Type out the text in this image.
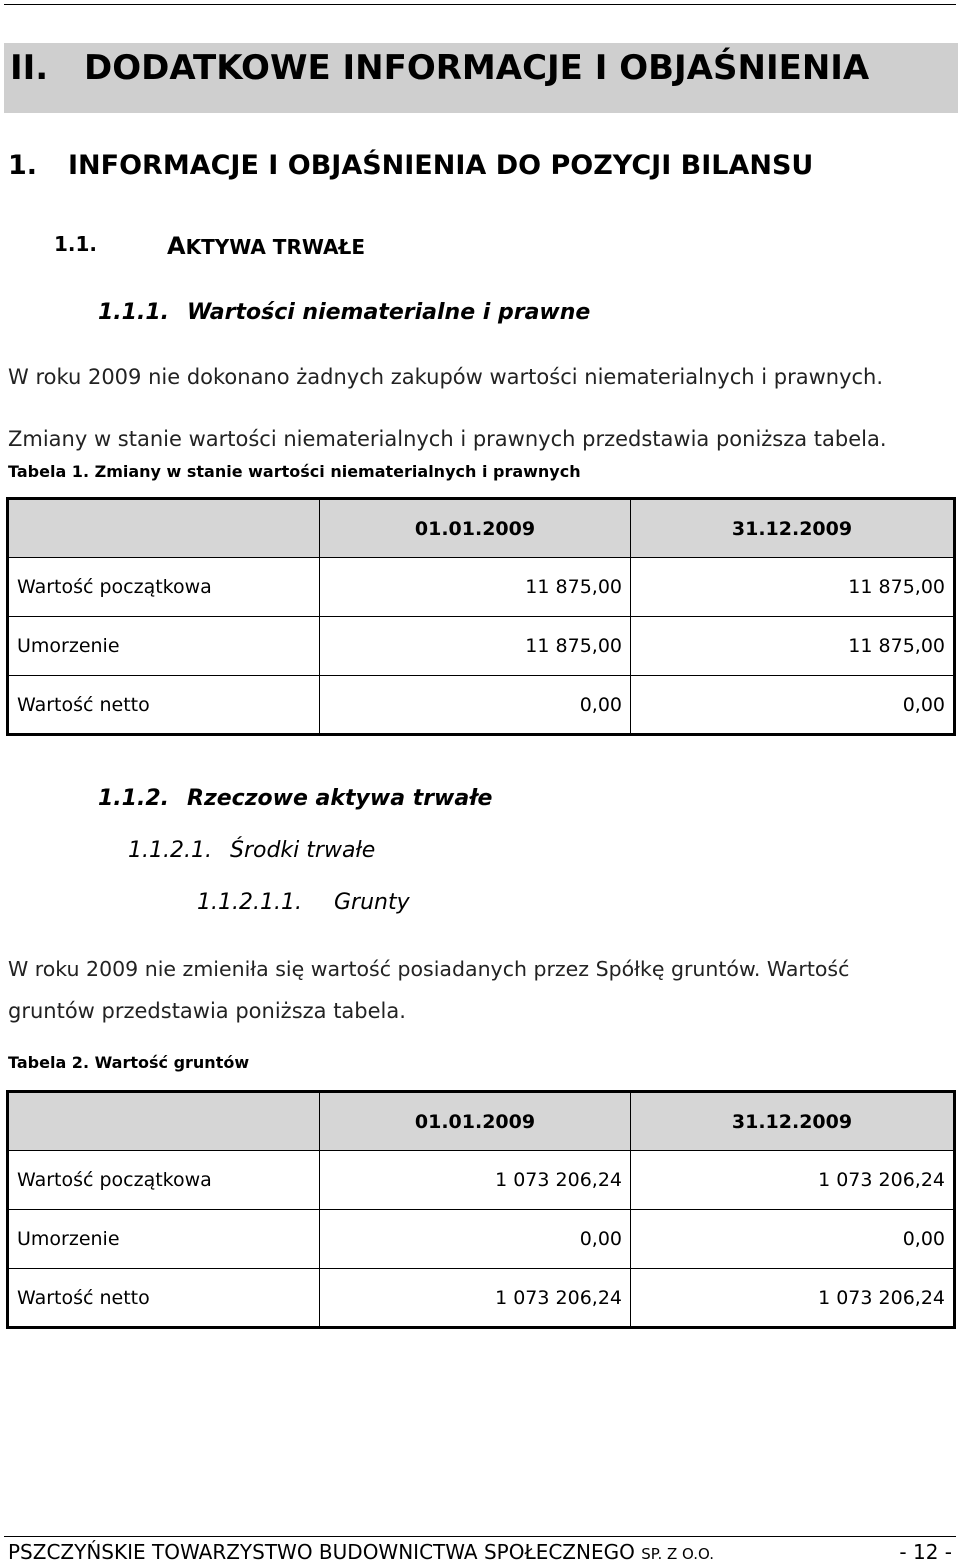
II. DODATKOWE INFORMACJE I OBJAŚNIENIA
1. INFORMACJE I OBJAŚNIENIA DO POZYCJI BILANSU
1.1.	AKTYWA TRWAŁE
1.1.1. Wartości niematerialne i prawne
W roku 2009 nie dokonano żadnych zakupów wartości niematerialnych i prawnych.
Zmiany w stanie wartości niematerialnych i prawnych przedstawia poniższa tabela.
Tabela 1. Zmiany w stanie wartości niematerialnych i prawnych
	01.01.2009	31.12.2009
Wartość początkowa	11 875,00	11 875,00
Umorzenie	11 875,00	11 875,00
Wartość netto	0,00	0,00
1.1.2. Rzeczowe aktywa trwałe
1.1.2.1. Środki trwałe
1.1.2.1.1. Grunty
W roku 2009 nie zmieniła się wartość posiadanych przez Spółkę gruntów. Wartość
gruntów przedstawia poniższa tabela.
Tabela 2. Wartość gruntów
	01.01.2009	31.12.2009
Wartość początkowa	1 073 206,24	1 073 206,24
Umorzenie	0,00	0,00
Wartość netto	1 073 206,24	1 073 206,24
PSZCZYŃSKIE TOWARZYSTWO BUDOWNICTWA SPOŁECZNEGO SP. Z O.O.	- 12 -
